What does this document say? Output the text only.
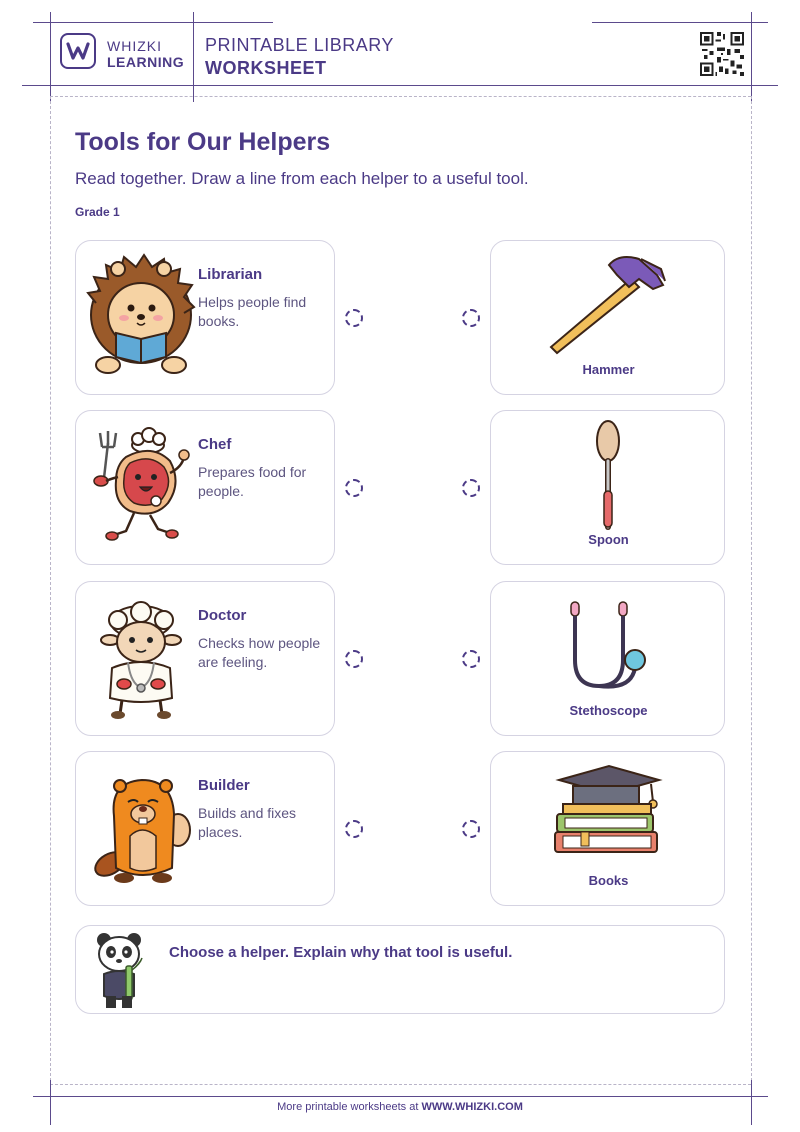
WHIZKI
LEARNING
PRINTABLE LIBRARY
WORKSHEET
Tools for Our Helpers
Read together. Draw a line from each helper to a useful tool.
Grade 1
Librarian
Helps people find books.
Chef
Prepares food for people.
Doctor
Checks how people are feeling.
Builder
Builds and fixes places.
Hammer
Spoon
Stethoscope
Books
Choose a helper. Explain why that tool is useful.
More printable worksheets at WWW.WHIZKI.COM
